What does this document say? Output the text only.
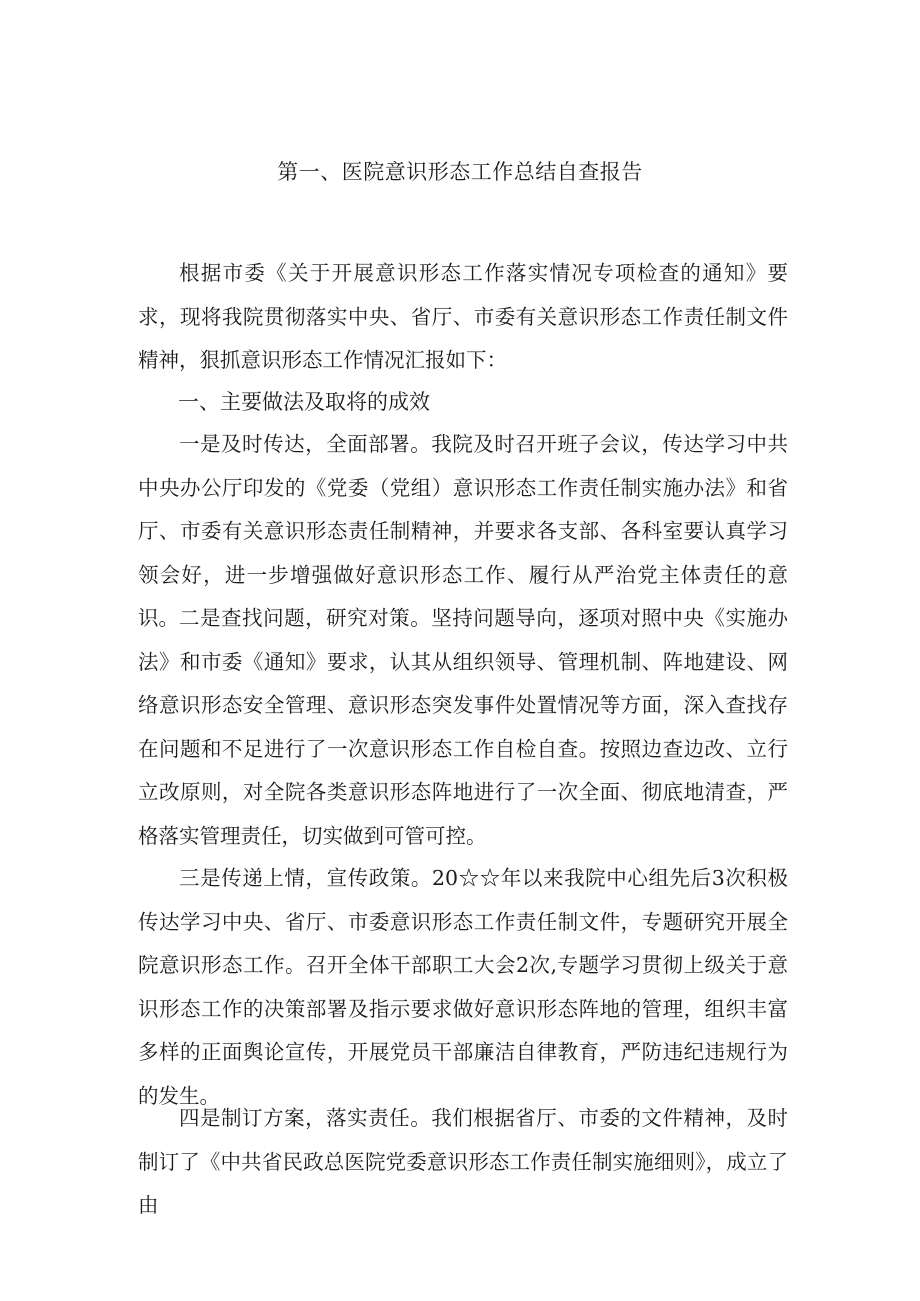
第一、医院意识形态工作总结自查报告

根据市委《关于开展意识形态工作落实情况专项检查的通知》要求，现将我院贯彻落实中央、省厅、市委有关意识形态工作责任制文件精神，狠抓意识形态工作情况汇报如下：

一、主要做法及取将的成效

一是及时传达，全面部署。我院及时召开班子会议，传达学习中共中央办公厅印发的《党委（党组）意识形态工作责任制实施办法》和省厅、市委有关意识形态责任制精神，并要求各支部、各科室要认真学习领会好，进一步增强做好意识形态工作、履行从严治党主体责任的意识。 二是查找问题，研究对策。坚持问题导向，逐项对照中央《实施办法》和市委《通知》要求，认其从组织领导、管理机制、阵地建设、网络意识形态安全管理、意识形态突发事件处置情况等方面，深入查找存在问题和不足进行了一次意识形态工作自检自查。按照边查边改、立行立改原则，对全院各类意识形态阵地进行了一次全面、彻底地清查，严格落实管理责任，切实做到可管可控。

三是传递上情，宣传政策。20☆☆年以来我院中心组先后3次积极传达学习中央、省厅、市委意识形态工作责任制文件，专题研究开展全院意识形态工作。召开全体干部职工大会2次,专题学习贯彻上级关于意识形态工作的决策部署及指示要求做好意识形态阵地的管理，组织丰富多样的正面舆论宣传，开展党员干部廉洁自律教育，严防违纪违规行为的发生。

四是制订方案，落实责任。我们根据省厅、市委的文件精神，及时制订了《中共省民政总医院党委意识形态工作责任制实施细则》，成立了由
